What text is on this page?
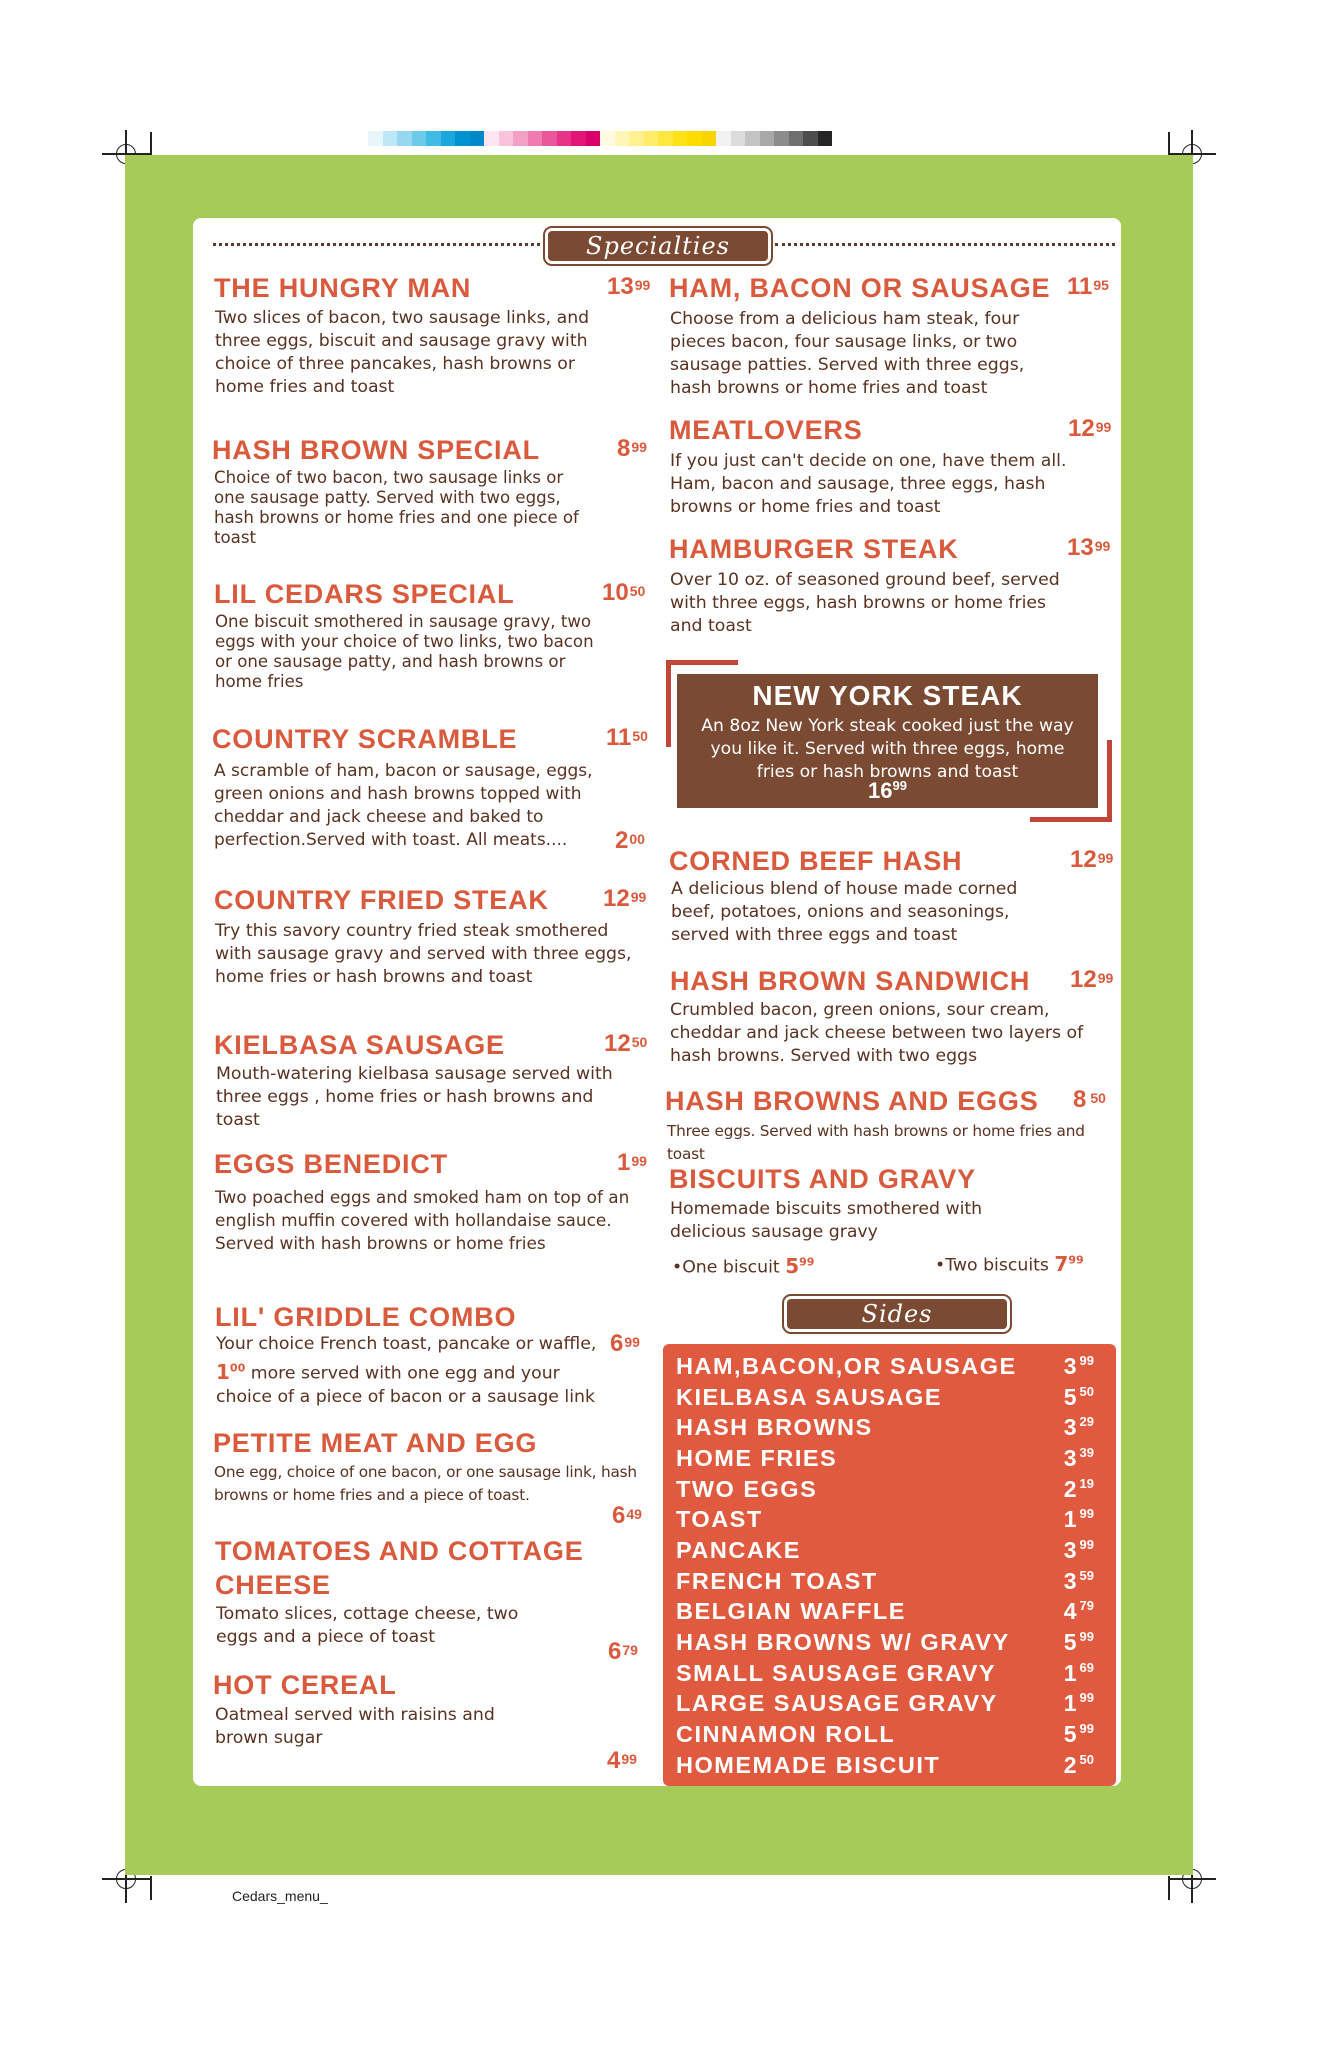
Specialties
THE HUNGRY MAN	$13^{99}$
Two slices of bacon, two sausage links, and three eggs, biscuit and sausage gravy with choice of three pancakes, hash browns or home fries and toast
HASH BROWN SPECIAL	$8^{99}$
Choice of two bacon, two sausage links or one sausage patty. Served with two eggs, hash browns or home fries and one piece of toast
LIL CEDARS SPECIAL	$10^{50}$
One biscuit smothered in sausage gravy, two eggs with your choice of two links, two bacon or one sausage patty, and hash browns or home fries
COUNTRY SCRAMBLE	$11^{50}$
A scramble of ham, bacon or sausage, eggs, green onions and hash browns topped with cheddar and jack cheese and baked to perfection.Served with toast. All meats....	$2^{00}$
COUNTRY FRIED STEAK $12^{99}$
Try this savory country fried steak smothered with sausage gravy and served with three eggs, home fries or hash browns and toast
KIELBASA SAUSAGE	$12^{50}$
Mouth-watering kielbasa sausage served with three eggs , home fries or hash browns and toast
EGGS BENEDICT	$1^{99}$
Two poached eggs and smoked ham on top of an english muffin covered with hollandaise sauce. Served with hash browns or home fries
LIL' GRIDDLE COMBO
$6^{99}$
Your choice French toast, pancake or waffle, $1^{00}$ more served with one egg and your choice of a piece of bacon or a sausage link
PETITE MEAT AND EGG
One egg, choice of one bacon, or one sausage link, hash browns or home fries and a piece of toast.
$6^{49}$
TOMATOES AND COTTAGE
CHEESE
Tomato slices, cottage cheese, two eggs and a piece of toast
$6^{79}$
HOT CEREAL
Oatmeal served with raisins and brown sugar
$4^{99}$
HAM, BACON OR SAUSAGE $11^{95}$
Choose from a delicious ham steak, four pieces bacon, four sausage links, or two sausage patties. Served with three eggs, hash browns or home fries and toast
MEATLOVERS	$12^{99}$
If you just can't decide on one, have them all. Ham, bacon and sausage, three eggs, hash browns or home fries and toast
HAMBURGER STEAK	$13^{99}$
Over 10 oz. of seasoned ground beef, served with three eggs, hash browns or home fries and toast
NEW YORK STEAK
An 8oz New York steak cooked just the way you like it. Served with three eggs, home fries or hash browns and toast
$16^{99}$
CORNED BEEF HASH	$12^{99}$
A delicious blend of house made corned beef, potatoes, onions and seasonings, served with three eggs and toast
HASH BROWN SANDWICH $12^{99}$
Crumbled bacon, green onions, sour cream, cheddar and jack cheese between two layers of hash browns. Served with two eggs
HASH BROWNS AND EGGS 8 $^{50}$
Three eggs. Served with hash browns or home fries and toast
BISCUITS AND GRAVY
Homemade biscuits smothered with delicious sausage gravy
•One biscuit $5^{99}$	•Two biscuits $7^{99}$
Sides
HAM,BACON,OR SAUSAGE 3 $^{99}$
KIELBASA SAUSAGE	5 $^{50}$
HASH BROWNS	3 $^{29}$
HOME FRIES	3 $^{39}$
TWO EGGS	2 $^{19}$
TOAST	1 $^{99}$
PANCAKE	3 $^{99}$
FRENCH TOAST	3 $^{59}$
BELGIAN WAFFLE	4 $^{79}$
HASH BROWNS W/ GRAVY 5 $^{99}$
SMALL SAUSAGE GRAVY	1 $^{69}$
LARGE SAUSAGE GRAVY	1 $^{99}$
CINNAMON ROLL	5 $^{99}$
HOMEMADE BISCUIT	2 $^{50}$
Cedars_menu_
